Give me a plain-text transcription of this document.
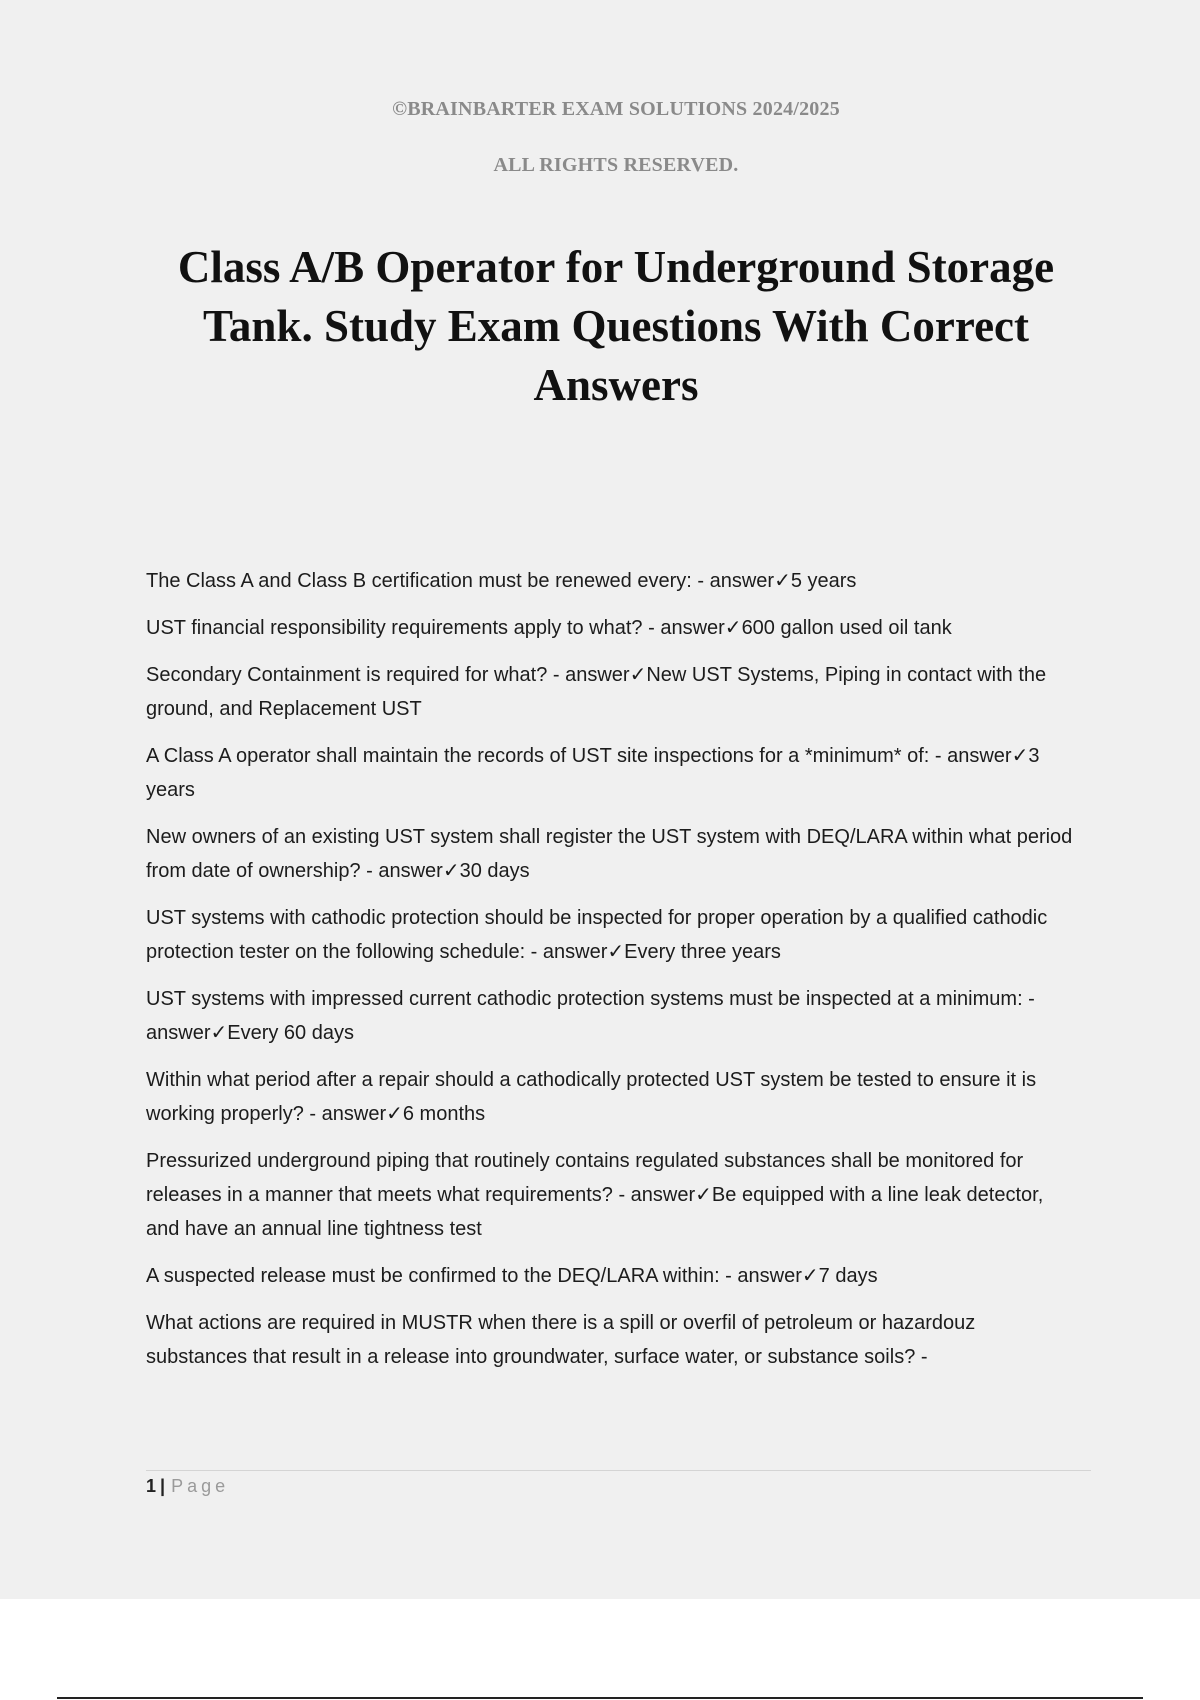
©BRAINBARTER EXAM SOLUTIONS 2024/2025
ALL RIGHTS RESERVED.
Class A/B Operator for Underground Storage Tank. Study Exam Questions With Correct Answers
The Class A and Class B certification must be renewed every: - answer✓5 years
UST financial responsibility requirements apply to what? - answer✓600 gallon used oil tank
Secondary Containment is required for what? - answer✓New UST Systems, Piping in contact with the ground, and Replacement UST
A Class A operator shall maintain the records of UST site inspections for a *minimum* of: - answer✓3 years
New owners of an existing UST system shall register the UST system with DEQ/LARA within what period from date of ownership? - answer✓30 days
UST systems with cathodic protection should be inspected for proper operation by a qualified cathodic protection tester on the following schedule: - answer✓Every three years
UST systems with impressed current cathodic protection systems must be inspected at a minimum: - answer✓Every 60 days
Within what period after a repair should a cathodically protected UST system be tested to ensure it is working properly? - answer✓6 months
Pressurized underground piping that routinely contains regulated substances shall be monitored for releases in a manner that meets what requirements? - answer✓Be equipped with a line leak detector, and have an annual line tightness test
A suspected release must be confirmed to the DEQ/LARA within: - answer✓7 days
What actions are required in MUSTR when there is a spill or overfil of petroleum or hazardouz substances that result in a release into groundwater, surface water, or substance soils? -
1 | Page
